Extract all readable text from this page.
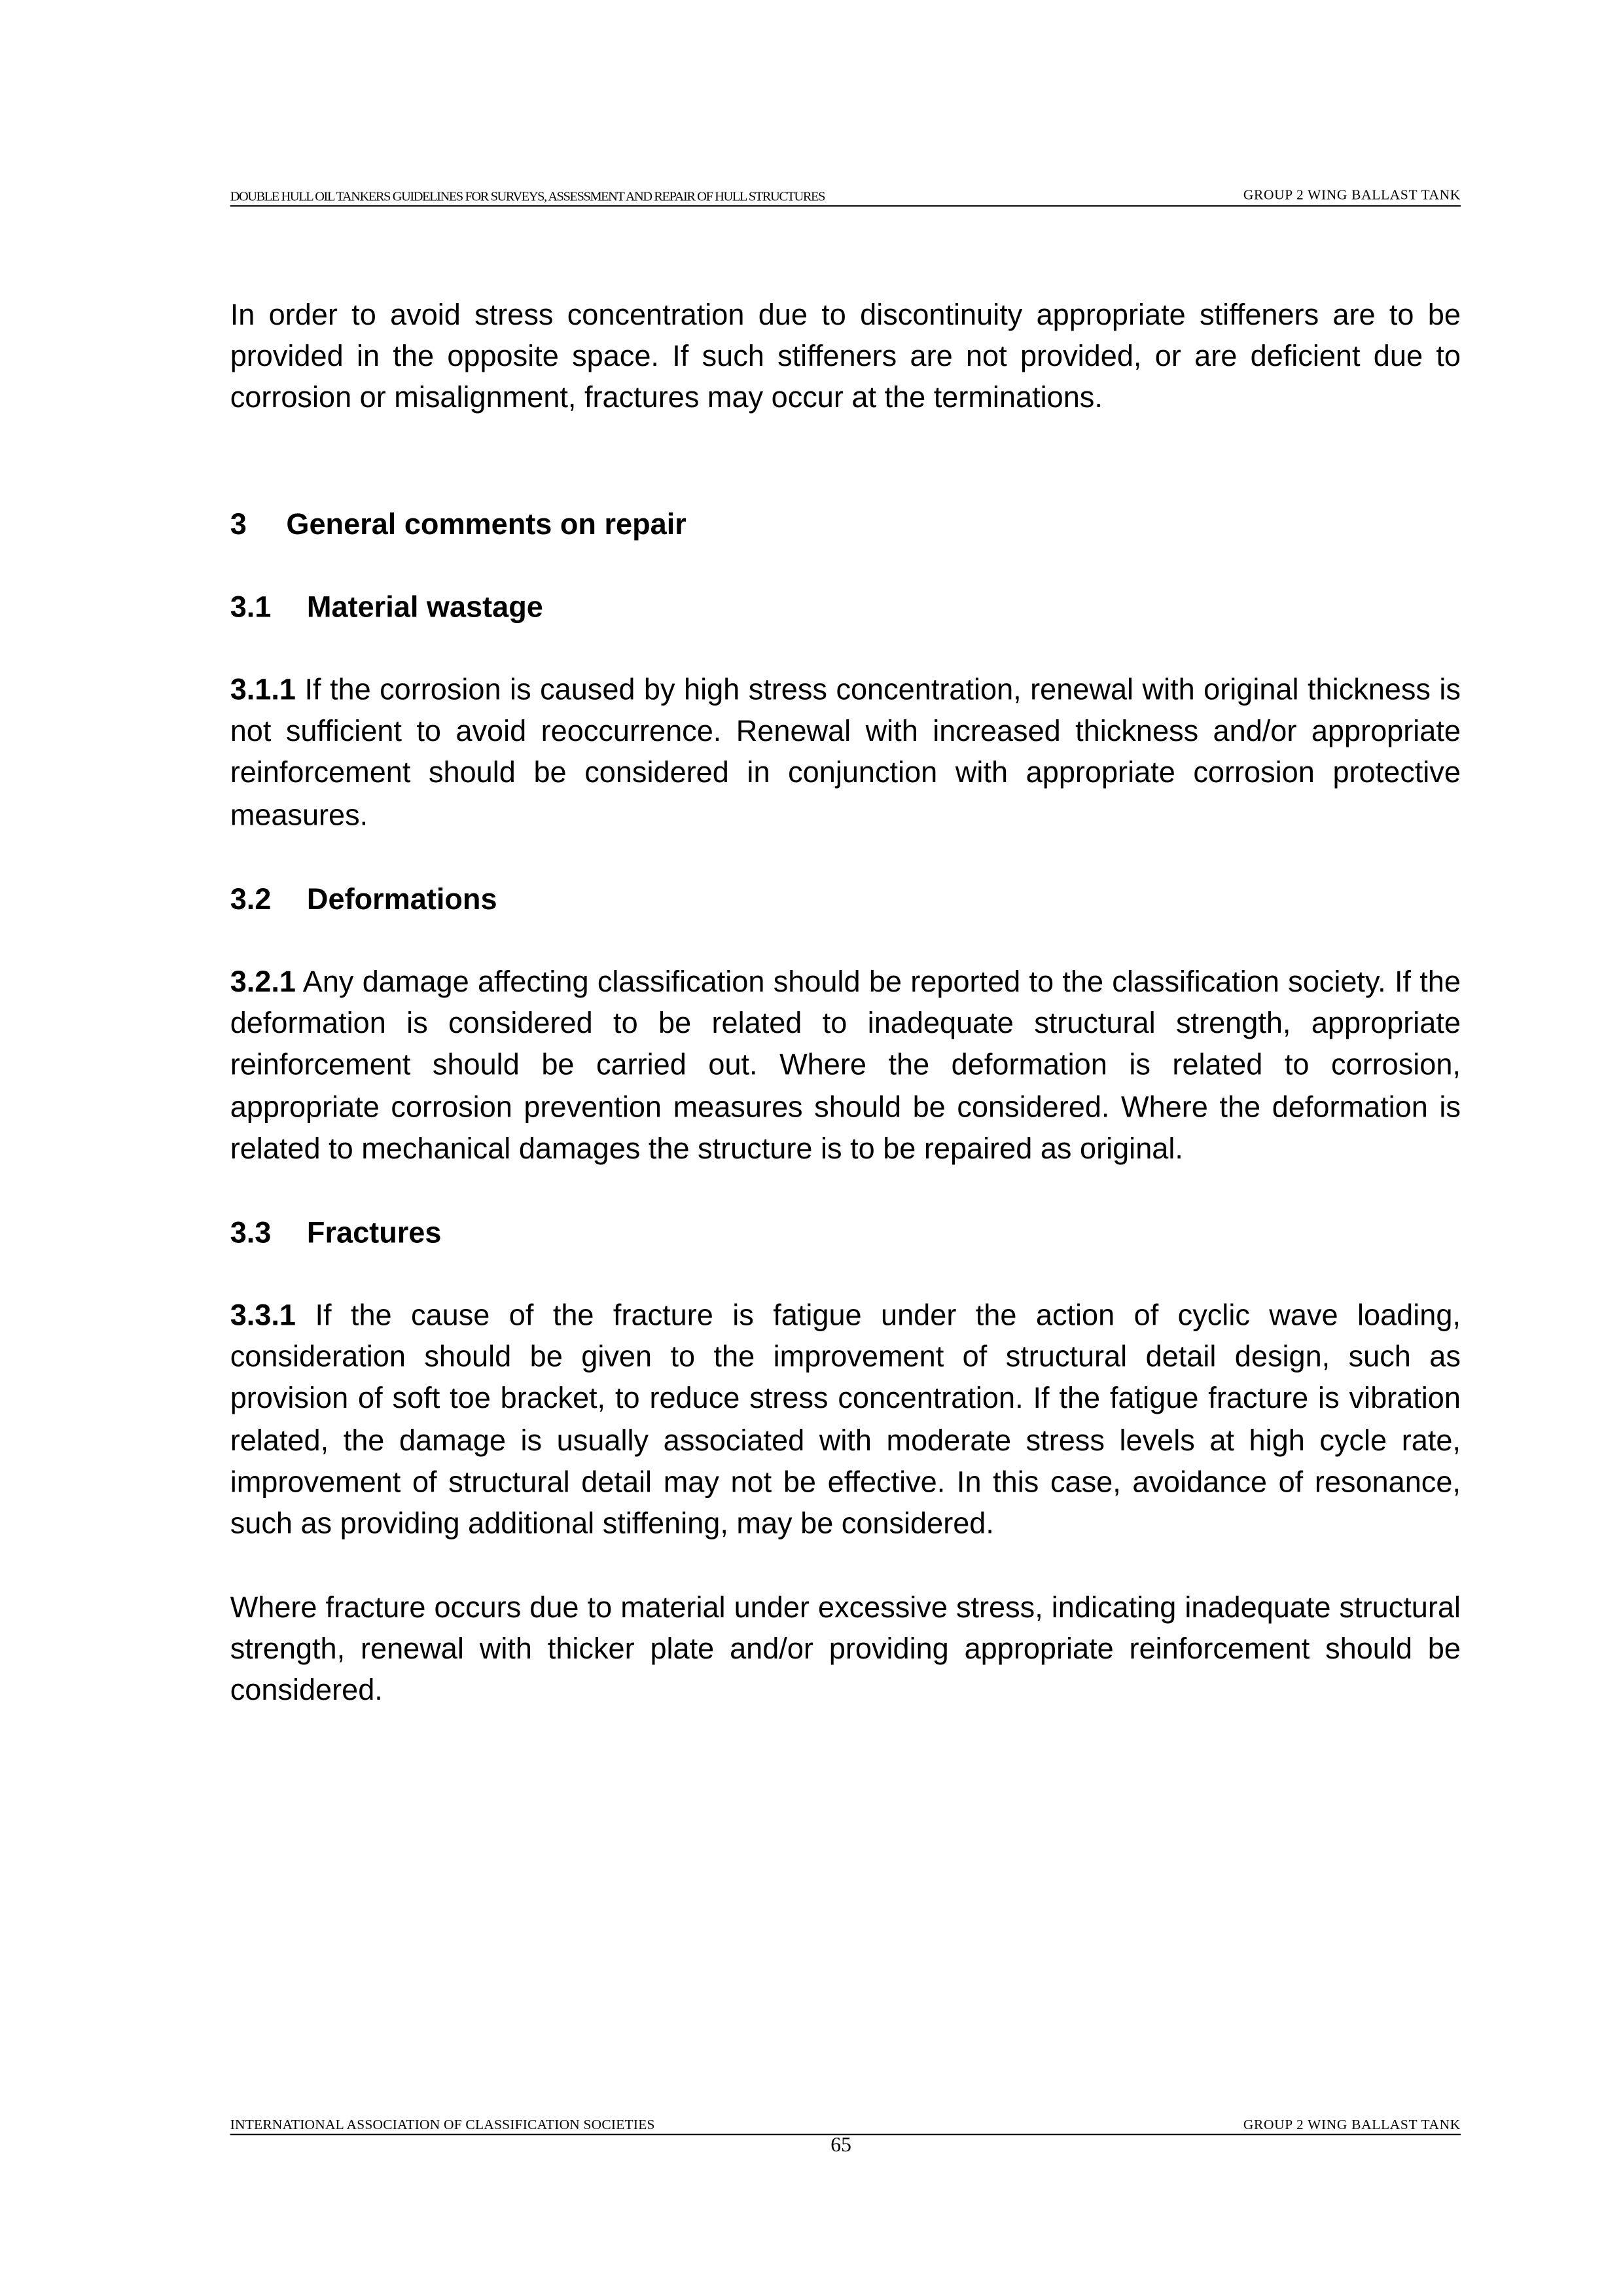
DOUBLE HULL OIL TANKERS GUIDELINES FOR SURVEYS, ASSESSMENT AND REPAIR OF HULL STRUCTURES	GROUP 2 WING BALLAST TANK

In order to avoid stress concentration due to discontinuity appropriate stiffeners are to be provided in the opposite space. If such stiffeners are not provided, or are deficient due to corrosion or misalignment, fractures may occur at the terminations.

3	General comments on repair
3.1	Material wastage

3.1.1 If the corrosion is caused by high stress concentration, renewal with original thickness is not sufficient to avoid reoccurrence. Renewal with increased thickness and/or appropriate reinforcement should be considered in conjunction with appropriate corrosion protective measures.

3.2	Deformations

3.2.1 Any damage affecting classification should be reported to the classification society. If the deformation is considered to be related to inadequate structural strength, appropriate reinforcement should be carried out. Where the deformation is related to corrosion, appropriate corrosion prevention measures should be considered. Where the deformation is related to mechanical damages the structure is to be repaired as original.

3.3	Fractures

3.3.1 If the cause of the fracture is fatigue under the action of cyclic wave loading, consideration should be given to the improvement of structural detail design, such as provision of soft toe bracket, to reduce stress concentration. If the fatigue fracture is vibration related, the damage is usually associated with moderate stress levels at high cycle rate, improvement of structural detail may not be effective. In this case, avoidance of resonance, such as providing additional stiffening, may be considered.

Where fracture occurs due to material under excessive stress, indicating inadequate structural strength, renewal with thicker plate and/or providing appropriate reinforcement should be considered.

INTERNATIONAL ASSOCIATION OF CLASSIFICATION SOCIETIES	GROUP 2 WING BALLAST TANK
65
